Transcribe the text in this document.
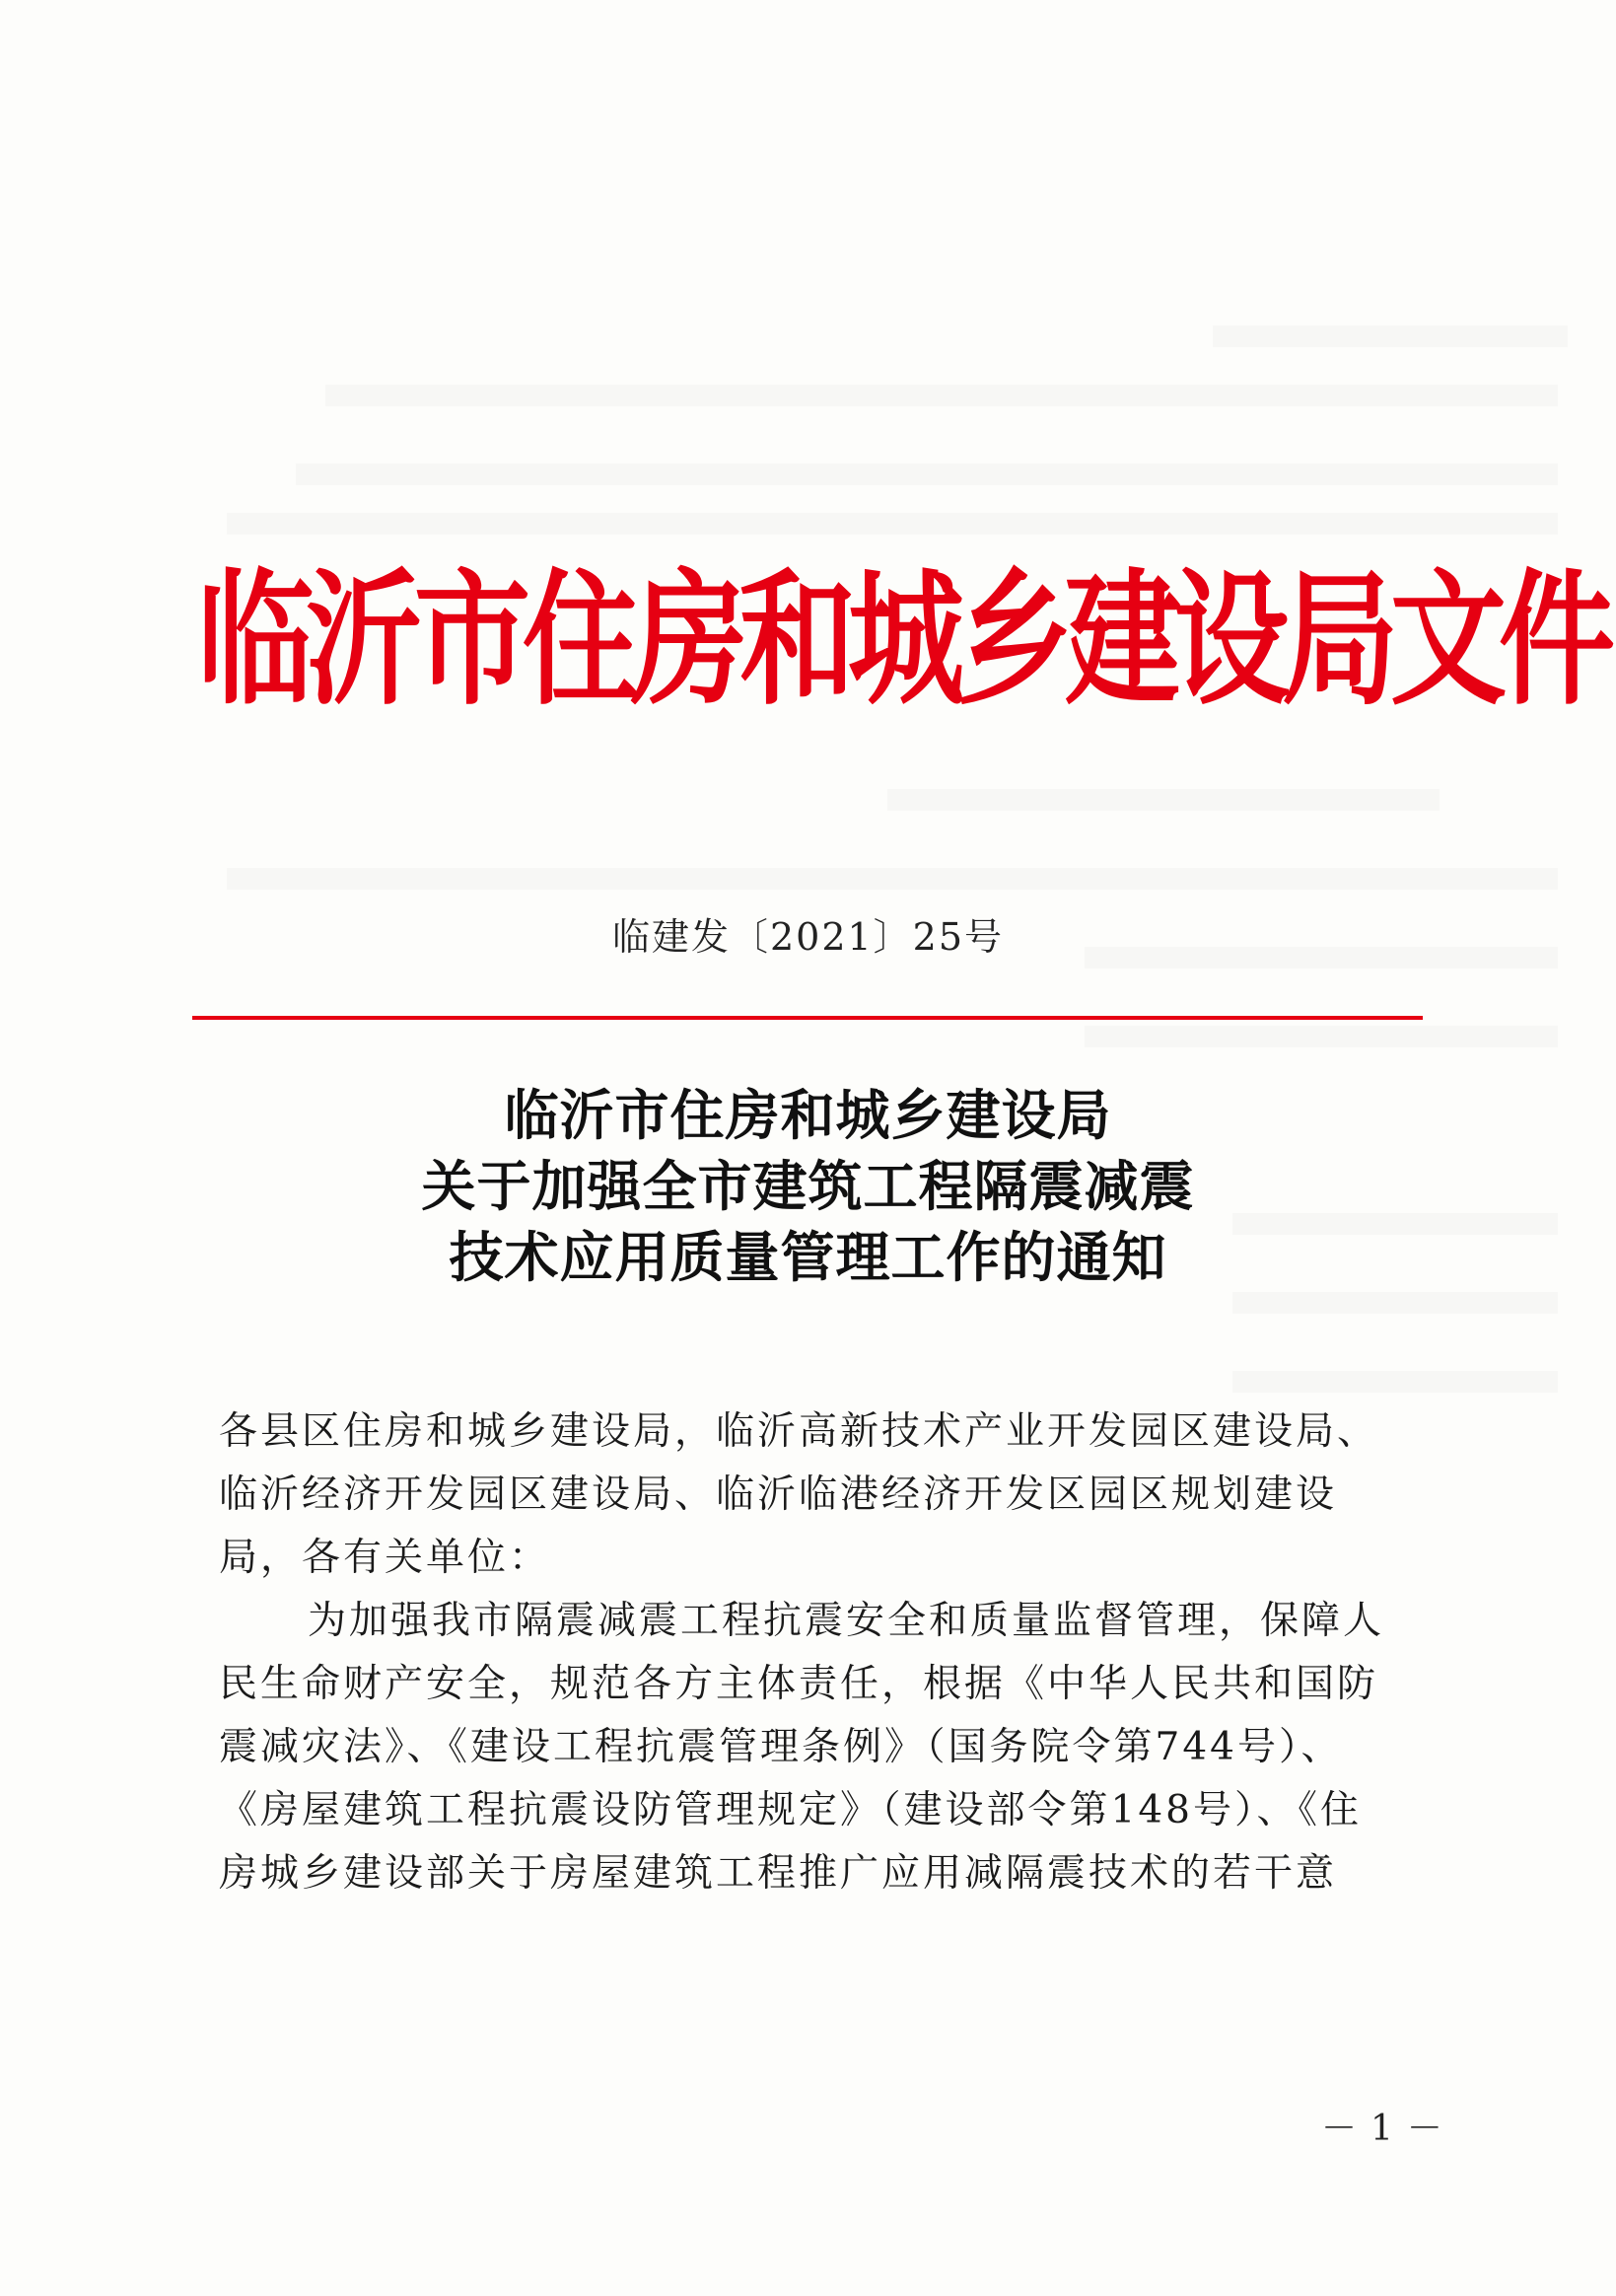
临沂市住房和城乡建设局文件
临建发〔2021〕25号
临沂市住房和城乡建设局
关于加强全市建筑工程隔震减震
技术应用质量管理工作的通知
各县区住房和城乡建设局，临沂高新技术产业开发园区建设局、
临沂经济开发园区建设局、临沂临港经济开发区园区规划建设
局，各有关单位：
为加强我市隔震减震工程抗震安全和质量监督管理，保障人
民生命财产安全，规范各方主体责任，根据《中华人民共和国防
震减灾法》、《建设工程抗震管理条例》（国务院令第744号）、
《房屋建筑工程抗震设防管理规定》（建设部令第148号）、《住
房城乡建设部关于房屋建筑工程推广应用减隔震技术的若干意
－1－
